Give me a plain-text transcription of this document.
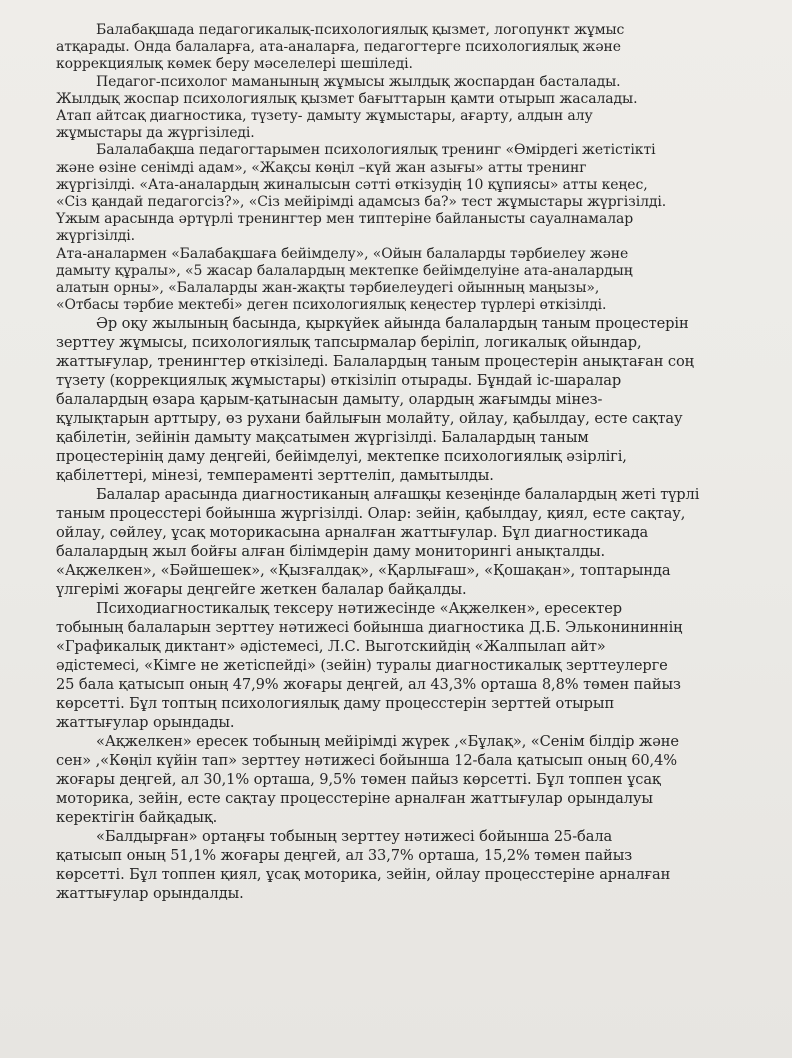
Балабақшада педагогикалық-психологиялық қызмет, логопункт жұмыс
атқарады. Онда балаларға, ата-аналарға, педагогтерге психологиялық және
коррекциялық көмек беру мәселелері шешіледі.
Педагог-психолог маманының жұмысы жылдық жоспардан басталады.
Жылдық жоспар психологиялық қызмет бағыттарын қамти отырып жасалады.
Атап айтсақ диагностика, түзету- дамыту жұмыстары, ағарту, алдын алу
жұмыстары да жүргізіледі.
Балалабақша педагогтарымен психологиялық тренинг «Өмірдегі жетістікті
және өзіне сенімді адам», «Жақсы көңіл –күй жан азығы» атты тренинг
жүргізілді. «Ата-аналардың жиналысын сәтті өткізудің 10 құпиясы» атты кеңес,
«Сіз қандай педагогсіз?», «Сіз мейірімді адамсыз ба?» тест жұмыстары жүргізілді.
Үжым арасында әртүрлі тренингтер мен типтеріне байланысты сауалнамалар
жүргізілді.
Ата-аналармен «Балабақшаға бейімделу», «Ойын балаларды тәрбиелеу және
дамыту құралы», «5 жасар балалардың мектепке бейімделуіне ата-аналардың
алатын орны», «Балаларды жан-жақты тәрбиелеудегі ойынның маңызы»,
«Отбасы тәрбие мектебі» деген психологиялық кеңестер түрлері өткізілді.
Әр оқу жылының басында, қыркүйек айында балалардың таным процестерін
зерттеу жұмысы, психологиялық тапсырмалар беріліп, логикалық ойындар,
жаттығулар, тренингтер өткізіледі. Балалардың таным процестерін анықтаған соң
түзету (коррекциялық жұмыстары) өткізіліп отырады. Бұндай іс-шаралар
балалардың өзара қарым-қатынасын дамыту, олардың жағымды мінез-
құлықтарын арттыру, өз рухани байлығын молайту, ойлау, қабылдау, есте сақтау
қабілетін, зейінін дамыту мақсатымен жүргізілді. Балалардың таным
процестерінің даму деңгейі, бейімделуі, мектепке психологиялық әзірлігі,
қабілеттері, мінезі, темпераменті зерттеліп, дамытылды.
Балалар арасында диагностиканың алғашқы кезеңінде балалардың жеті түрлі
таным процесстері бойынша жүргізілді. Олар: зейін, қабылдау, қиял, есте сақтау,
ойлау, сөйлеу, ұсақ моторикасына арналған жаттығулар. Бұл диагностикада
балалардың жыл бойғы алған білімдерін даму мониторингі анықталды.
«Ақжелкен», «Бәйшешек», «Қызғалдақ», «Қарлығаш», «Қошақан», топтарында
үлгерімі жоғары деңгейге жеткен балалар байқалды.
Психодиагностикалық тексеру нәтижесінде «Ақжелкен», ересектер
тобының балаларын зерттеу нәтижесі бойынша диагностика Д.Б. Эльконининнің
«Графикалық диктант» әдістемесі, Л.С. Выготскийдің «Жалпылап айт»
әдістемесі, «Кімге не жетіспейді» (зейін) туралы диагностикалық зерттеулерге
25 бала қатысып оның 47,9% жоғары деңгей, ал 43,3% орташа 8,8% төмен пайыз
көрсетті. Бұл топтың психологиялық даму процесстерін зерттей отырып
жаттығулар орындады.
«Ақжелкен» ересек тобының мейірімді жүрек ,«Бұлақ», «Сенім білдір және
сен» ,«Көңіл күйін тап» зерттеу нәтижесі бойынша 12-бала қатысып оның 60,4%
жоғары деңгей, ал 30,1% орташа, 9,5% төмен пайыз көрсетті. Бұл топпен ұсақ
моторика, зейін, есте сақтау процесстеріне арналған жаттығулар орындалуы
керектігін байқадық.
«Балдырған» ортаңғы тобының зерттеу нәтижесі бойынша 25-бала
қатысып оның 51,1% жоғары деңгей, ал 33,7% орташа, 15,2% төмен пайыз
көрсетті. Бұл топпен қиял, ұсақ моторика, зейін, ойлау процесстеріне арналған
жаттығулар орындалды.
